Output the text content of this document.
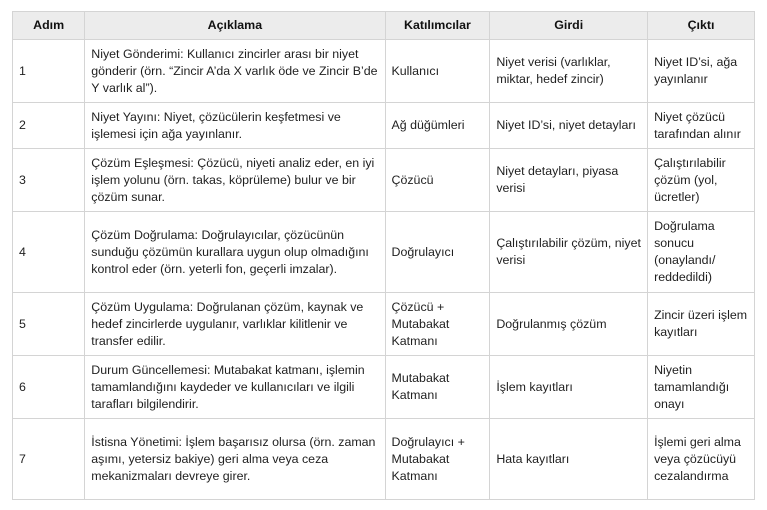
Adım	Açıklama	Katılımcılar	Girdi	Çıktı
1	Niyet Gönderimi: Kullanıcı zincirler arası bir niyet gönderir (örn. “Zincir A’da X varlık öde ve Zincir B’de Y varlık al”).	Kullanıcı	Niyet verisi (varlıklar, miktar, hedef zincir)	Niyet ID’si, ağa yayınlanır
2	Niyet Yayını: Niyet, çözücülerin keşfetmesi ve işlemesi için ağa yayınlanır.	Ağ düğümleri	Niyet ID’si, niyet detayları	Niyet çözücü tarafından alınır
3	Çözüm Eşleşmesi: Çözücü, niyeti analiz eder, en iyi işlem yolunu (örn. takas, köprüleme) bulur ve bir çözüm sunar.	Çözücü	Niyet detayları, piyasa verisi	Çalıştırılabilir çözüm (yol, ücretler)
4	Çözüm Doğrulama: Doğrulayıcılar, çözücünün sunduğu çözümün kurallara uygun olup olmadığını kontrol eder (örn. yeterli fon, geçerli imzalar).	Doğrulayıcı	Çalıştırılabilir çözüm, niyet verisi	Doğrulama sonucu (onaylandı/ reddedildi)
5	Çözüm Uygulama: Doğrulanan çözüm, kaynak ve hedef zincirlerde uygulanır, varlıklar kilitlenir ve transfer edilir.	Çözücü + Mutabakat Katmanı	Doğrulanmış çözüm	Zincir üzeri işlem kayıtları
6	Durum Güncellemesi: Mutabakat katmanı, işlemin tamamlandığını kaydeder ve kullanıcıları ve ilgili tarafları bilgilendirir.	Mutabakat Katmanı	İşlem kayıtları	Niyetin tamamlandığı onayı
7	İstisna Yönetimi: İşlem başarısız olursa (örn. zaman aşımı, yetersiz bakiye) geri alma veya ceza mekanizmaları devreye girer.	Doğrulayıcı + Mutabakat Katmanı	Hata kayıtları	İşlemi geri alma veya çözücüyü cezalandırma
